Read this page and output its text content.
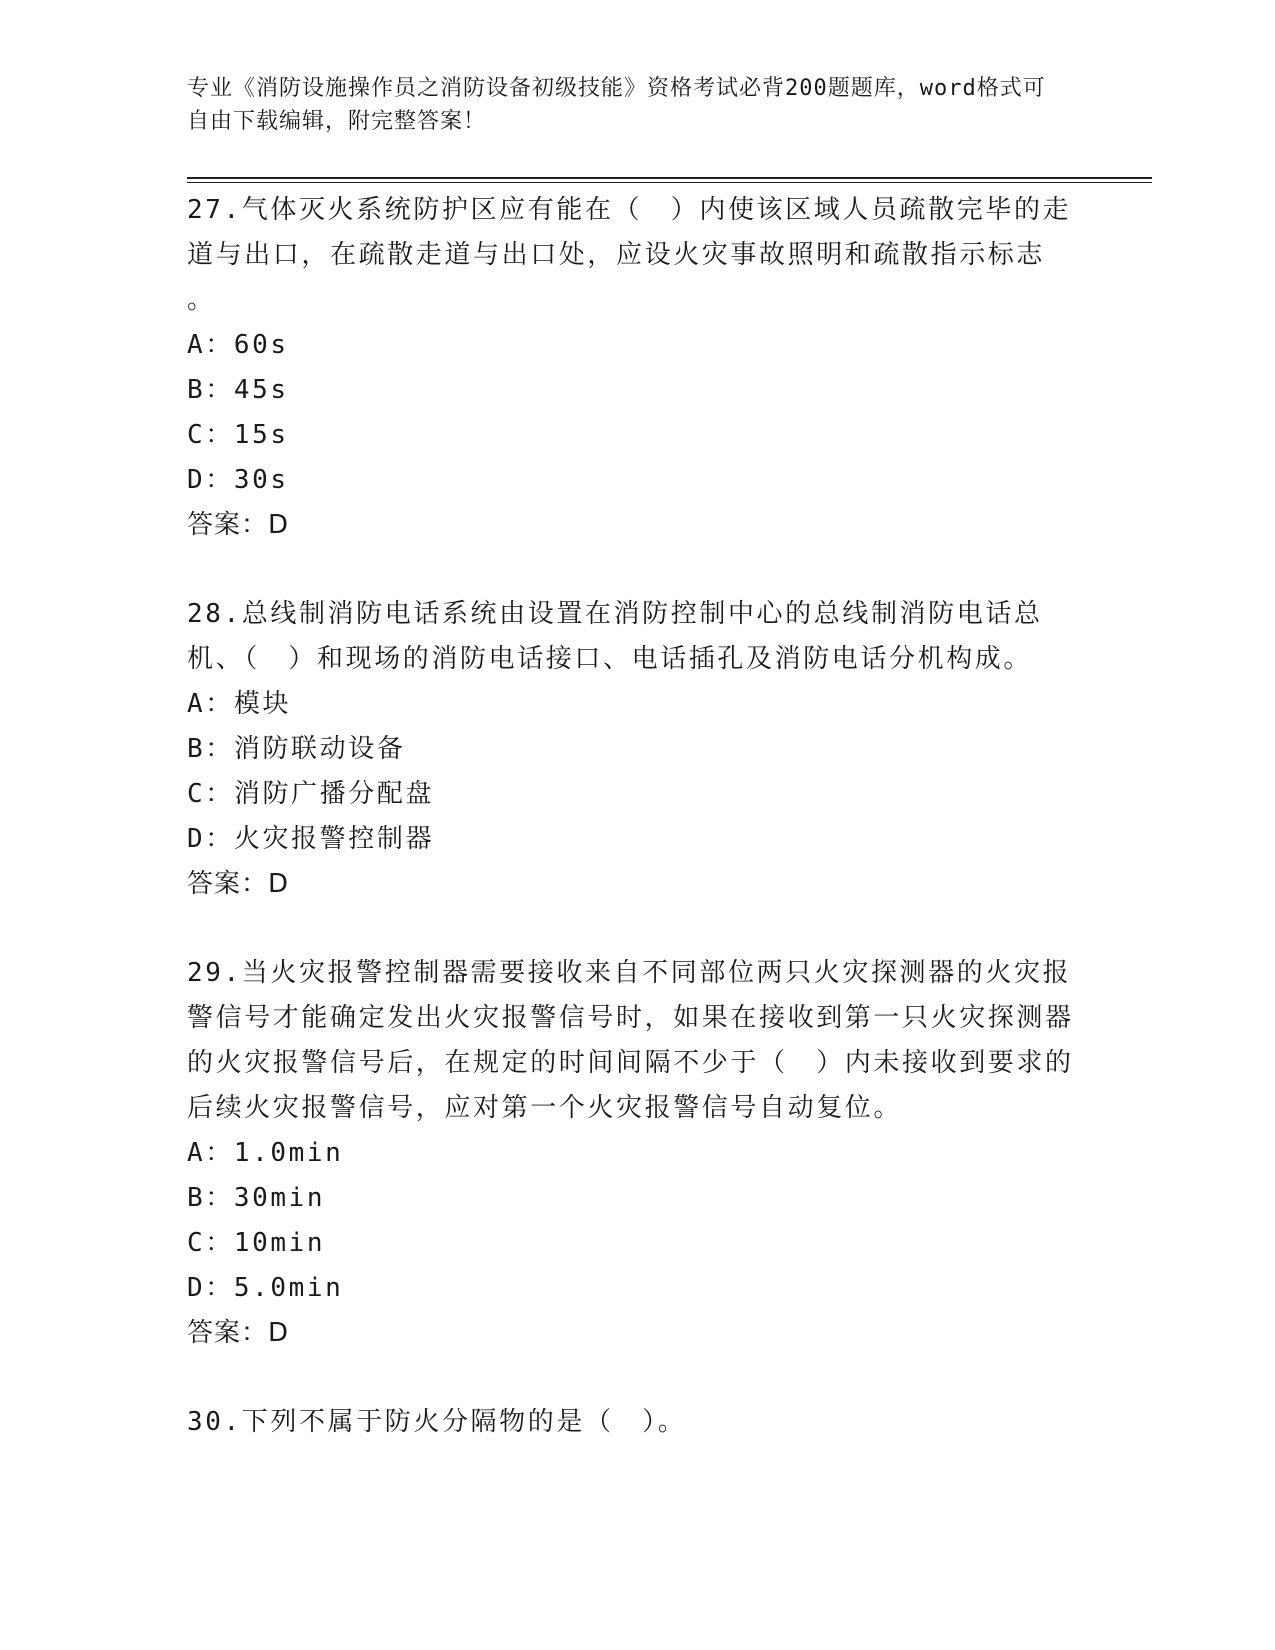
专业《消防设施操作员之消防设备初级技能》资格考试必背200题题库，word格式可自由下载编辑，附完整答案！

27.气体灭火系统防护区应有能在（　）内使该区域人员疏散完毕的走道与出口，在疏散走道与出口处，应设火灾事故照明和疏散指示标志

。

A：60s

B：45s

C：15s

D：30s

答案：D

28.总线制消防电话系统由设置在消防控制中心的总线制消防电话总机、（　）和现场的消防电话接口、电话插孔及消防电话分机构成。

A：模块

B：消防联动设备

C：消防广播分配盘

D：火灾报警控制器

答案：D

29.当火灾报警控制器需要接收来自不同部位两只火灾探测器的火灾报警信号才能确定发出火灾报警信号时，如果在接收到第一只火灾探测器的火灾报警信号后，在规定的时间间隔不少于（　）内未接收到要求的后续火灾报警信号，应对第一个火灾报警信号自动复位。

A：1.0min

B：30min

C：10min

D：5.0min

答案：D

30.下列不属于防火分隔物的是（　）。
